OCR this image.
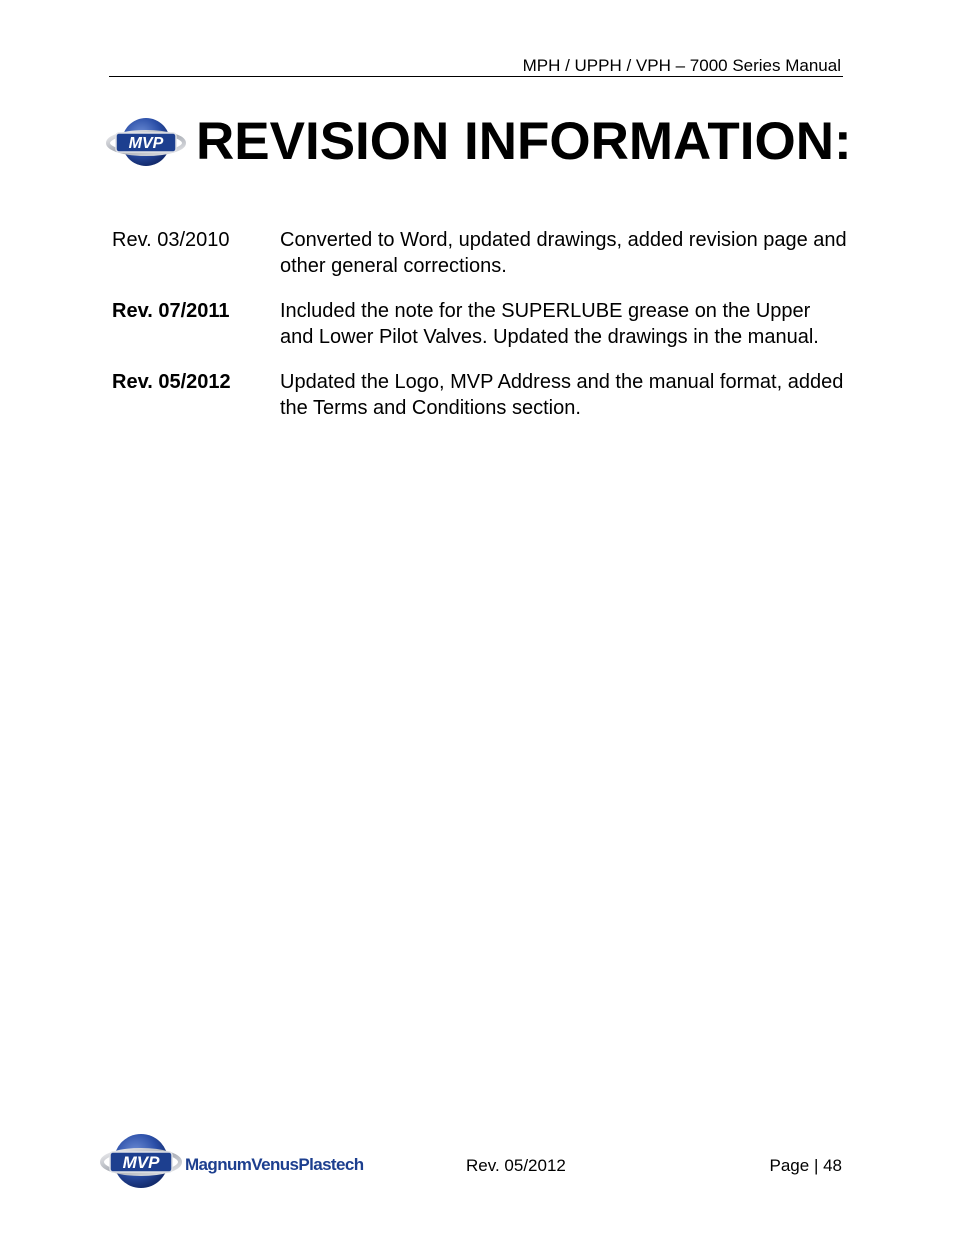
MPH / UPPH / VPH – 7000 Series Manual
MVP REVISION INFORMATION:
Rev. 03/2010	Converted to Word, updated drawings, added revision page and other general corrections.
Rev. 07/2011	Included the note for the SUPERLUBE grease on the Upper and Lower Pilot Valves. Updated the drawings in the manual.
Rev. 05/2012	Updated the Logo, MVP Address and the manual format, added the Terms and Conditions section.
MVP MagnumVenusPlastech	Rev. 05/2012	Page | 48
